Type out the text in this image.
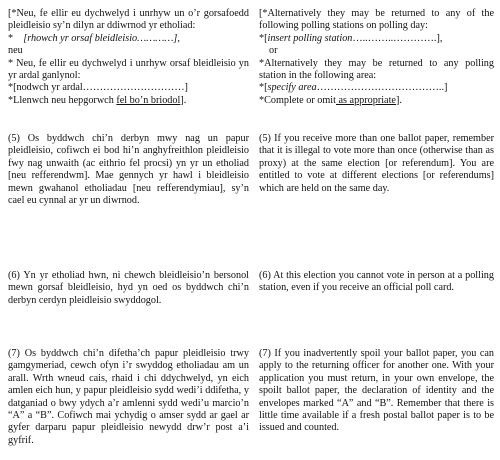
[*Neu, fe ellir eu dychwelyd i unrhyw un o’r gorsafoedd pleidleisio sy’n dilyn ar ddiwrnod yr etholiad:

* [rhowch yr orsaf bleidleisio…………],

neu

* Neu, fe ellir eu dychwelyd i unrhyw orsaf bleidleisio yn yr ardal ganlynol:

*[nodwch yr ardal…………………………]

*Llenwch neu hepgorwch fel bo’n briodol].

(5) Os byddwch chi’n derbyn mwy nag un papur pleidleisio, cofiwch ei bod hi’n anghyfreithlon pleidleisio fwy nag unwaith (ac eithrio fel procsi) yn yr un etholiad [neu refferendwm]. Mae gennych yr hawl i bleidleisio mewn gwahanol etholiadau [neu refferendymiau], sy’n cael eu cynnal ar yr un diwrnod.

(6) Yn yr etholiad hwn, ni chewch bleidleisio’n bersonol mewn gorsaf bleidleisio, hyd yn oed os byddwch chi’n derbyn cerdyn pleidleisio swyddogol.

(7) Os byddwch chi’n difetha’ch papur pleidleisio trwy gamgymeriad, cewch ofyn i’r swyddog etholiadau am un arall. Wrth wneud cais, rhaid i chi ddychwelyd, yn eich amlen eich hun, y papur pleidleisio sydd wedi’i ddifetha, y datganiad o bwy ydych a’r amlenni sydd wedi’u marcio’n “A” a “B”. Cofiwch mai ychydig o amser sydd ar gael ar gyfer darparu papur pleidleisio newydd drw’r post a’i gyfrif.

[*Alternatively they may be returned to any of the following polling stations on polling day:

*[insert polling station…..……..………….],

or

*Alternatively they may be returned to any polling station in the following area:

*[specify area………………………………..]

*Complete or omit as appropriate].

(5) If you receive more than one ballot paper, remember that it is illegal to vote more than once (otherwise than as proxy) at the same election [or referendum]. You are entitled to vote at different elections [or referendums] which are held on the same day.

(6) At this election you cannot vote in person at a polling station, even if you receive an official poll card.

(7) If you inadvertently spoil your ballot paper, you can apply to the returning officer for another one. With your application you must return, in your own envelope, the spoilt ballot paper, the declaration of identity and the envelopes marked “A” and “B”. Remember that there is little time available if a fresh postal ballot paper is to be issued and counted.
